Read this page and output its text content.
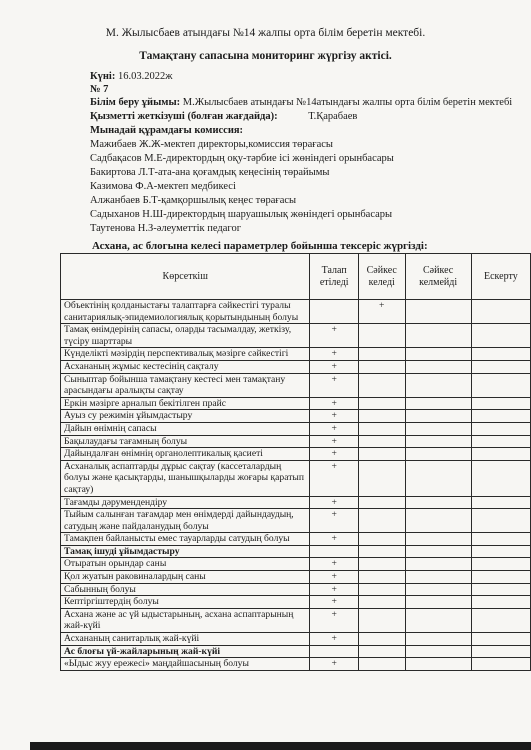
М. Жылысбаев атындағы №14 жалпы орта білім беретін мектебі.
Тамақтану сапасына мониторинг жүргізу актісі.
Күні: 16.03.2022ж
№ 7
Білім беру ұйымы: М.Жылысбаев атындағы №14атындағы жалпы орта білім беретін мектебі
Қызметті жеткізуші (болған жағдайда):	Т.Қарабаев
Мынадай құрамдағы комиссия:
Мажибаев Ж.Ж-мектеп директоры,комиссия төрағасы
Садбақасов М.Е-директордың оқу-тәрбие ісі жөніндегі орынбасары
Бакиртова Л.Т-ата-ана қоғамдық кеңесінің төрайымы
Казимова Ф.А-мектеп медбикесі
Алжанбаев Б.Т-қамқоршылық кеңес төрағасы
Садыханов Н.Ш-директордың шаруашылық жөніндегі орынбасары
Таутенова Н.З-әлеуметтік педагог
Асхана, ас блогына келесі параметрлер бойынша тексеріс жүргізді:
Көрсеткіш	Талап етіледі	Сәйкес келеді	Сәйкес келмейді	Ескерту
Объектінің қолданыстағы талаптарға сәйкестігі туралы санитариялық-эпидемиологиялық қорытындының болуы		+		
Тамақ өнімдерінің сапасы, оларды тасымалдау, жеткізу, түсіру шарттары	+			
Күнделікті мәзірдің перспективалық мәзірге сәйкестігі	+			
Асхананың жұмыс кестесінің сақталу	+			
Сыныптар бойынша тамақтану кестесі мен тамақтану арасындағы аралықты сақтау	+			
Еркін мәзірге арналып бекітілген прайс	+			
Ауыз су режимін ұйымдастыру	+			
Дайын өнімнің сапасы	+			
Бақылаудағы тағамның болуы	+			
Дайындалған өнімнің органолептикалық қасиеті	+			
Асханалық аспаптарды дұрыс сақтау (кассеталардың болуы және қасықтарды, шанышқыларды жоғары қаратып сақтау)	+			
Тағамды дәрумендендіру	+			
Тыйым салынған тағамдар мен өнімдерді дайындаудың, сатудың және пайдаланудың болуы	+			
Тамақпен байланысты емес тауарларды сатудың болуы	+			
Тамақ ішуді ұйымдастыру				
Отыратын орындар саны	+			
Қол жуатын раковиналардың саны	+			
Сабынның болуы	+			
Кептіргіштердің болуы	+			
Асхана және ас үй ыдыстарының, асхана аспаптарының жай-күйі	+			
Асхананың санитарлық жай-күйі	+			
Ас блоғы үй-жайларының жай-күйі				
«Ыдыс жуу ережесі» маңдайшасының болуы	+			
